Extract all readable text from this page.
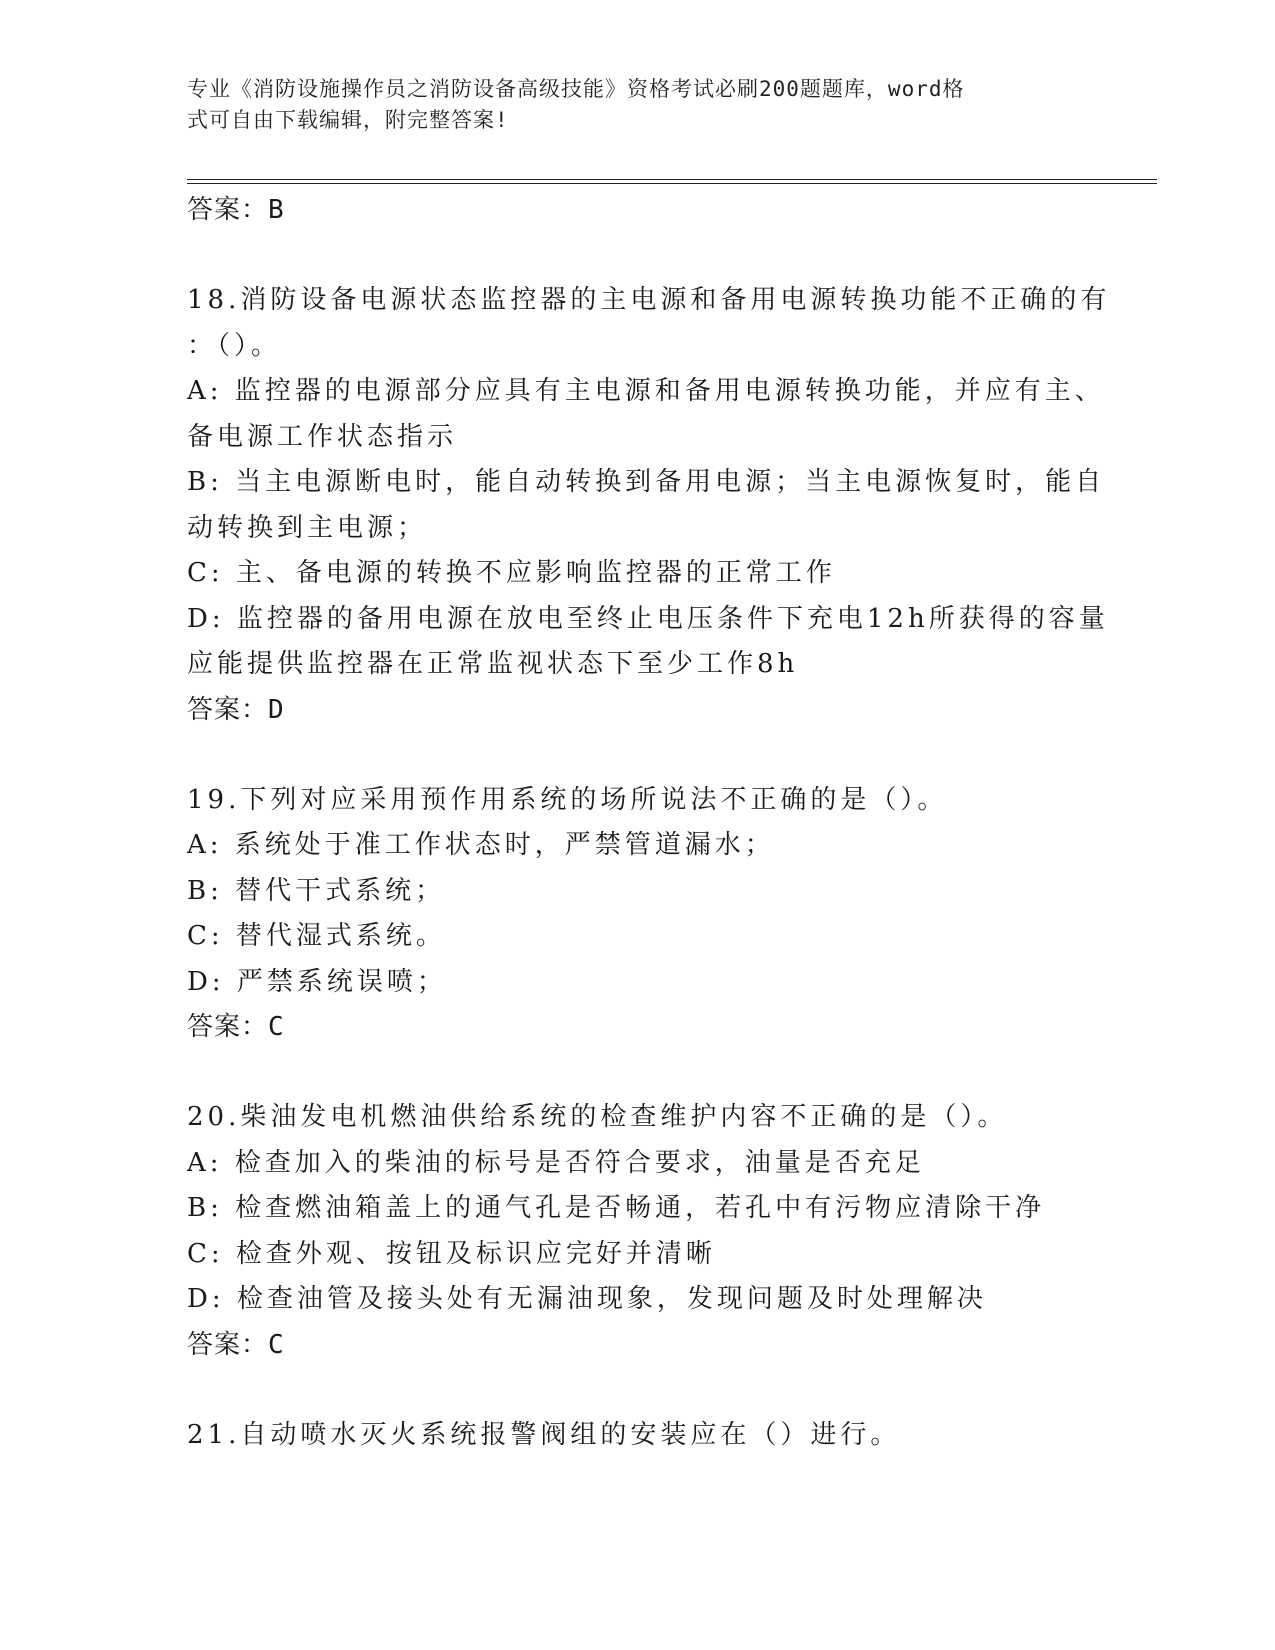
专业《消防设施操作员之消防设备高级技能》资格考试必刷200题题库，word格
式可自由下载编辑，附完整答案!
答案：B
18.消防设备电源状态监控器的主电源和备用电源转换功能不正确的有
：（）。
A: 监控器的电源部分应具有主电源和备用电源转换功能，并应有主、
备电源工作状态指示
B: 当主电源断电时，能自动转换到备用电源；当主电源恢复时，能自
动转换到主电源；
C: 主、备电源的转换不应影响监控器的正常工作
D: 监控器的备用电源在放电至终止电压条件下充电12h所获得的容量
应能提供监控器在正常监视状态下至少工作8h
答案：D
19.下列对应采用预作用系统的场所说法不正确的是（）。
A: 系统处于准工作状态时，严禁管道漏水；
B: 替代干式系统；
C: 替代湿式系统。
D: 严禁系统误喷；
答案：C
20.柴油发电机燃油供给系统的检查维护内容不正确的是（）。
A: 检查加入的柴油的标号是否符合要求，油量是否充足
B: 检查燃油箱盖上的通气孔是否畅通，若孔中有污物应清除干净
C: 检查外观、按钮及标识应完好并清晰
D: 检查油管及接头处有无漏油现象，发现问题及时处理解决
答案：C
21.自动喷水灭火系统报警阀组的安装应在（）进行。
